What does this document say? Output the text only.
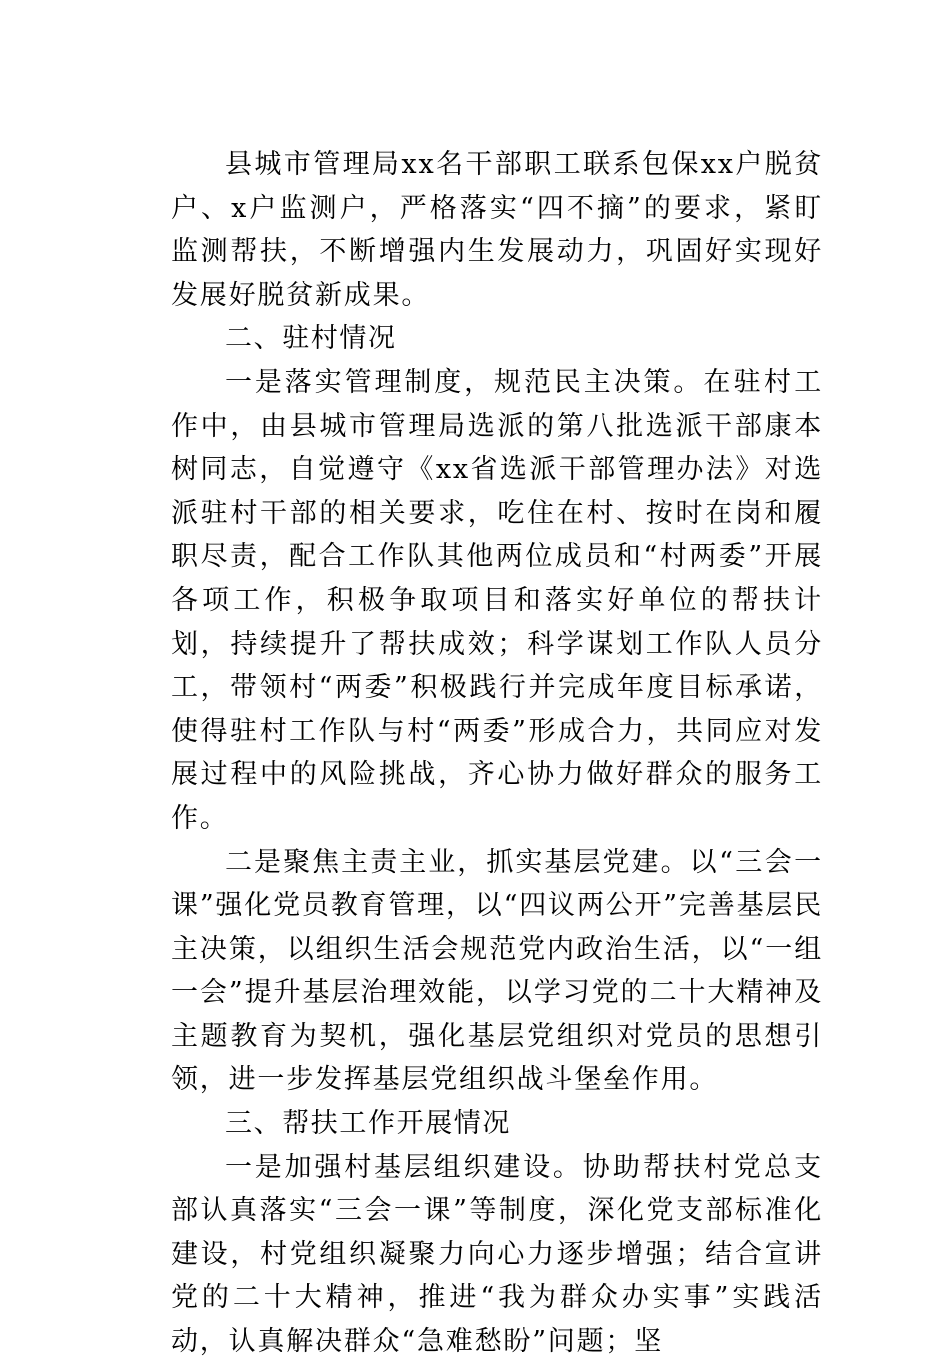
县城市管理局xx名干部职工联系包保xx户脱贫户、x户监测户，严格落实“四不摘”的要求，紧盯监测帮扶，不断增强内生发展动力，巩固好实现好发展好脱贫新成果。

二、驻村情况

一是落实管理制度，规范民主决策。在驻村工作中，由县城市管理局选派的第八批选派干部康本树同志，自觉遵守《xx省选派干部管理办法》对选派驻村干部的相关要求，吃住在村、按时在岗和履职尽责，配合工作队其他两位成员和“村两委”开展各项工作，积极争取项目和落实好单位的帮扶计划，持续提升了帮扶成效；科学谋划工作队人员分工，带领村“两委”积极践行并完成年度目标承诺，使得驻村工作队与村“两委”形成合力，共同应对发展过程中的风险挑战，齐心协力做好群众的服务工作。

二是聚焦主责主业，抓实基层党建。以“三会一课”强化党员教育管理，以“四议两公开”完善基层民主决策，以组织生活会规范党内政治生活，以“一组一会”提升基层治理效能，以学习党的二十大精神及主题教育为契机，强化基层党组织对党员的思想引领，进一步发挥基层党组织战斗堡垒作用。

三、帮扶工作开展情况

一是加强村基层组织建设。协助帮扶村党总支部认真落实“三会一课”等制度，深化党支部标准化建设，村党组织凝聚力向心力逐步增强；结合宣讲党的二十大精神，推进“我为群众办实事”实践活动，认真解决群众“急难愁盼”问题；坚
